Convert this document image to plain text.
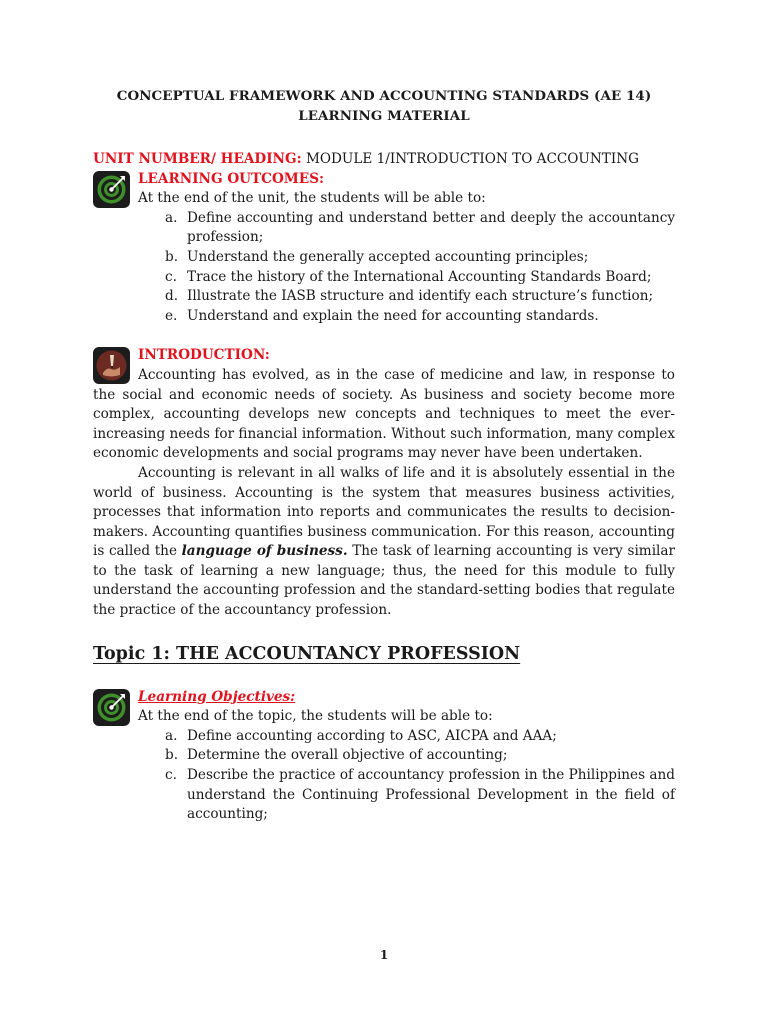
CONCEPTUAL FRAMEWORK AND ACCOUNTING STANDARDS (AE 14)
LEARNING MATERIAL
UNIT NUMBER/ HEADING: MODULE 1/INTRODUCTION TO ACCOUNTING
LEARNING OUTCOMES:
At the end of the unit, the students will be able to:
a. Define accounting and understand better and deeply the accountancy profession;
b. Understand the generally accepted accounting principles;
c. Trace the history of the International Accounting Standards Board;
d. Illustrate the IASB structure and identify each structure’s function;
e. Understand and explain the need for accounting standards.
INTRODUCTION:
Accounting has evolved, as in the case of medicine and law, in response to the social and economic needs of society. As business and society become more complex, accounting develops new concepts and techniques to meet the ever-increasing needs for financial information. Without such information, many complex economic developments and social programs may never have been undertaken.
Accounting is relevant in all walks of life and it is absolutely essential in the world of business. Accounting is the system that measures business activities, processes that information into reports and communicates the results to decision-makers. Accounting quantifies business communication. For this reason, accounting is called the language of business. The task of learning accounting is very similar to the task of learning a new language; thus, the need for this module to fully understand the accounting profession and the standard-setting bodies that regulate the practice of the accountancy profession.
Topic 1: THE ACCOUNTANCY PROFESSION
Learning Objectives:
At the end of the topic, the students will be able to:
a. Define accounting according to ASC, AICPA and AAA;
b. Determine the overall objective of accounting;
c. Describe the practice of accountancy profession in the Philippines and understand the Continuing Professional Development in the field of accounting;
1
